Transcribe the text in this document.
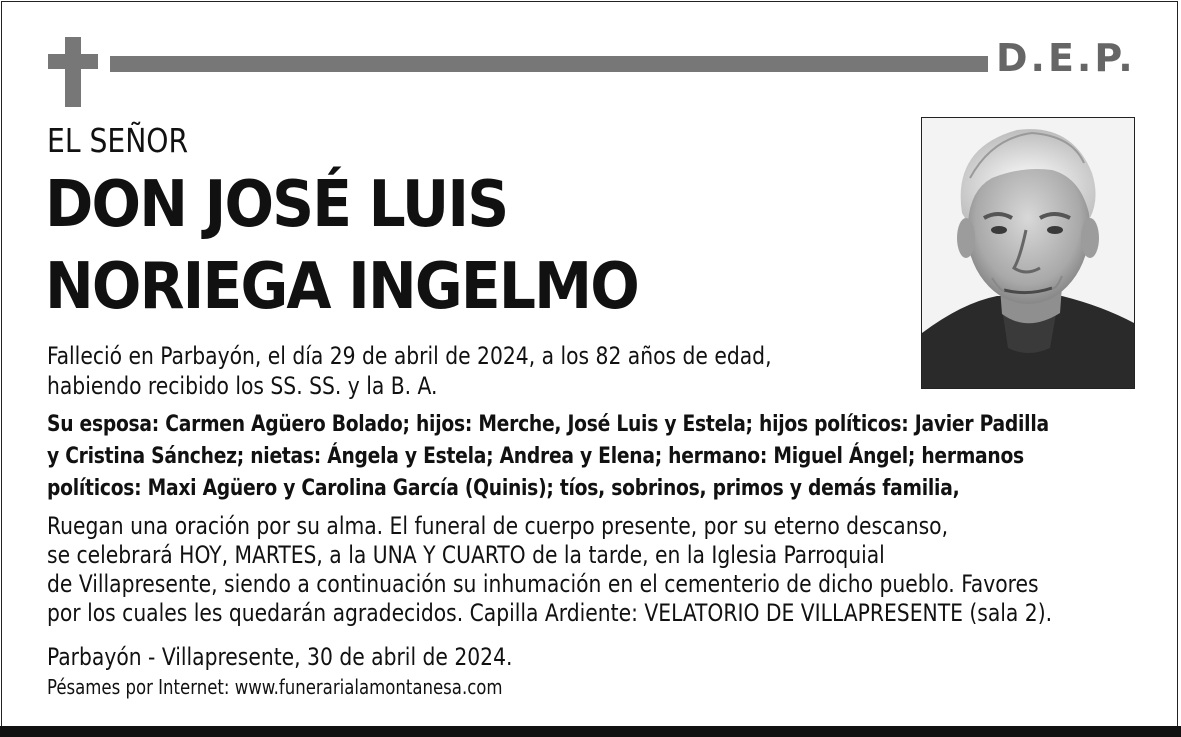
D.E.P.
EL SEÑOR
DON JOSÉ LUIS
NORIEGA INGELMO
Falleció en Parbayón, el día 29 de abril de 2024, a los 82 años de edad,
habiendo recibido los SS. SS. y la B. A.
Su esposa: Carmen Agüero Bolado; hijos: Merche, José Luis y Estela; hijos políticos: Javier Padilla
y Cristina Sánchez; nietas: Ángela y Estela; Andrea y Elena; hermano: Miguel Ángel; hermanos
políticos: Maxi Agüero y Carolina García (Quinis); tíos, sobrinos, primos y demás familia,
Ruegan una oración por su alma. El funeral de cuerpo presente, por su eterno descanso,
se celebrará HOY, MARTES, a la UNA Y CUARTO de la tarde, en la Iglesia Parroquial
de Villapresente, siendo a continuación su inhumación en el cementerio de dicho pueblo. Favores
por los cuales les quedarán agradecidos. Capilla Ardiente: VELATORIO DE VILLAPRESENTE (sala 2).
Parbayón - Villapresente, 30 de abril de 2024.
Pésames por Internet: www.funerarialamontanesa.com
